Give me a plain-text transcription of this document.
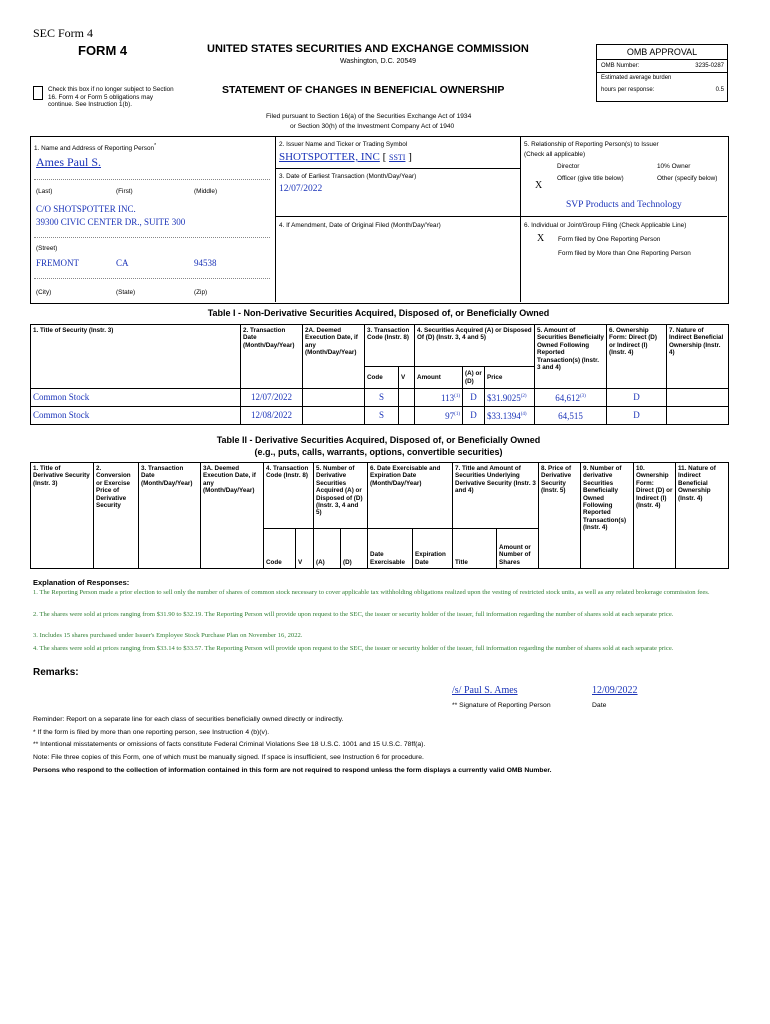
SEC Form 4
FORM 4	UNITED STATES SECURITIES AND EXCHANGE COMMISSION
Washington, D.C. 20549
STATEMENT OF CHANGES IN BENEFICIAL OWNERSHIP
Check this box if no longer subject to Section 16. Form 4 or Form 5 obligations may continue. See Instruction 1(b).
Filed pursuant to Section 16(a) of the Securities Exchange Act of 1934
or Section 30(h) of the Investment Company Act of 1940
OMB APPROVAL
OMB Number:	3235-0287
Estimated average burden
hours per response:	0.5
1. Name and Address of Reporting Person*
Ames Paul S.
(Last)	(First)	(Middle)
C/O SHOTSPOTTER INC.
39300 CIVIC CENTER DR., SUITE 300
(Street)
FREMONT	CA	94538
(City)	(State)	(Zip)
2. Issuer Name and Ticker or Trading Symbol
SHOTSPOTTER, INC [ SSTI ]
3. Date of Earliest Transaction (Month/Day/Year)
12/07/2022
4. If Amendment, Date of Original Filed (Month/Day/Year)
5. Relationship of Reporting Person(s) to Issuer
(Check all applicable)
Director	10% Owner
X
Officer (give title below)	Other (specify below)
SVP Products and Technology
6. Individual or Joint/Group Filing (Check Applicable Line)
X Form filed by One Reporting Person
Form filed by More than One Reporting Person
Table I - Non-Derivative Securities Acquired, Disposed of, or Beneficially Owned
1. Title of Security (Instr. 3)	2. Transaction Date (Month/Day/Year)	2A. Deemed Execution Date, if any (Month/Day/Year)	3. Transaction Code (Instr. 8)		4. Securities Acquired (A) or Disposed Of (D) (Instr. 3, 4 and 5)			5. Amount of Securities Beneficially Owned Following Reported Transaction(s) (Instr. 3 and 4)	6. Ownership Form: Direct (D) or Indirect (I) (Instr. 4)	7. Nature of Indirect Beneficial Ownership (Instr. 4)
			Code	V	Amount	(A) or (D)	Price			
Common Stock	12/07/2022		S		113$^{(1)}$	D	$31.9025$^{(2)}$	64,612$^{(3)}$	D	
Common Stock	12/08/2022		S		97$^{(1)}$	D	$33.1394$^{(4)}$	64,515	D	
Table II - Derivative Securities Acquired, Disposed of, or Beneficially Owned
(e.g., puts, calls, warrants, options, convertible securities)
1. Title of Derivative Security (Instr. 3)	2. Conversion or Exercise Price of Derivative Security	3. Transaction Date (Month/Day/Year)	3A. Deemed Execution Date, if any (Month/Day/Year)	4. Transaction Code (Instr. 8)		5. Number of Derivative Securities Acquired (A) or Disposed of (D) (Instr. 3, 4 and 5)		6. Date Exercisable and Expiration Date (Month/Day/Year)		7. Title and Amount of Securities Underlying Derivative Security (Instr. 3 and 4)		8. Price of Derivative Security (Instr. 5)	9. Number of derivative Securities Beneficially Owned Following Reported Transaction(s) (Instr. 4)	10. Ownership Form: Direct (D) or Indirect (I) (Instr. 4)	11. Nature of Indirect Beneficial Ownership (Instr. 4)
				Code	V	(A)	(D)	Date Exercisable	Expiration Date	Title	Amount or Number of Shares				
Explanation of Responses:
1. The Reporting Person made a prior election to sell only the number of shares of common stock necessary to cover applicable tax withholding obligations realized upon the vesting of restricted stock units, as well as any related brokerage commission fees.
2. The shares were sold at prices ranging from $31.90 to $32.19. The Reporting Person will provide upon request to the SEC, the issuer or security holder of the issuer, full information regarding the number of shares sold at each separate price.
3. Includes 15 shares purchased under Issuer's Employee Stock Purchase Plan on November 16, 2022.
4. The shares were sold at prices ranging from $33.14 to $33.57. The Reporting Person will provide upon request to the SEC, the issuer or security holder of the issuer, full information regarding the number of shares sold at each separate price.
Remarks:
/s/ Paul S. Ames	12/09/2022
** Signature of Reporting Person	Date
Reminder: Report on a separate line for each class of securities beneficially owned directly or indirectly.
* If the form is filed by more than one reporting person, see Instruction 4 (b)(v).
** Intentional misstatements or omissions of facts constitute Federal Criminal Violations See 18 U.S.C. 1001 and 15 U.S.C. 78ff(a).
Note: File three copies of this Form, one of which must be manually signed. If space is insufficient, see Instruction 6 for procedure.
Persons who respond to the collection of information contained in this form are not required to respond unless the form displays a currently valid OMB Number.
